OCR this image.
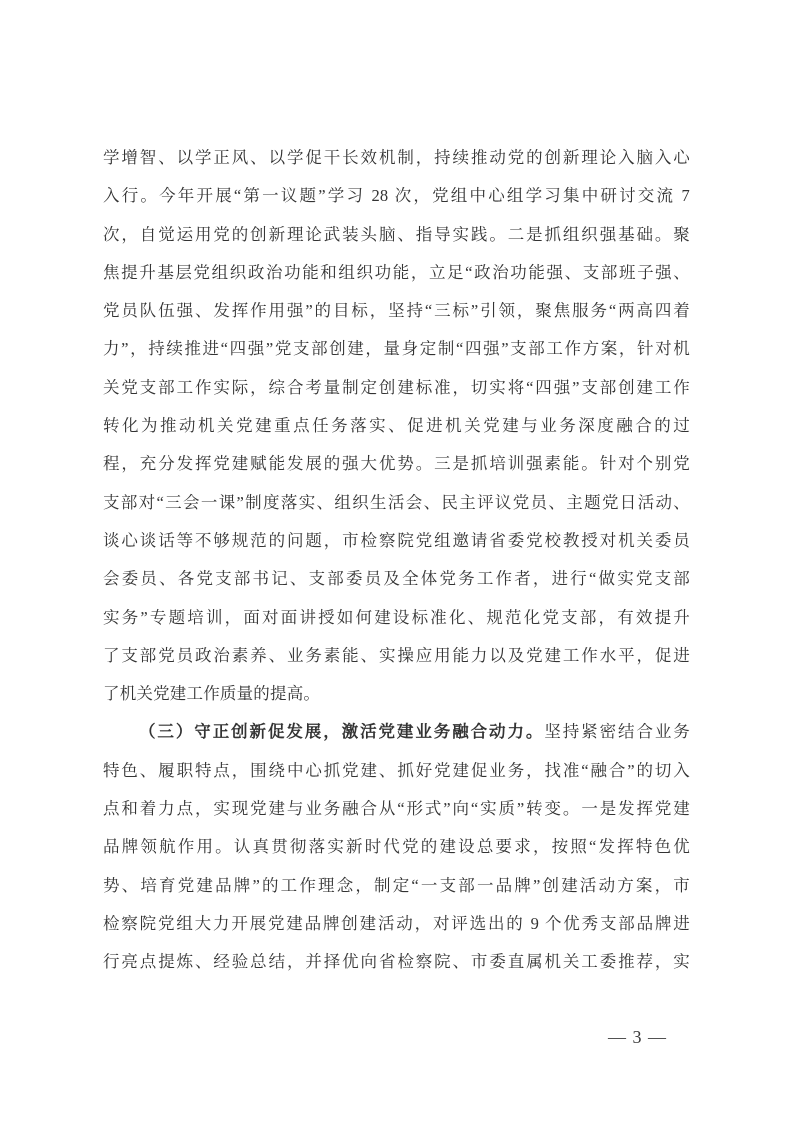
学增智、以学正风、以学促干长效机制，持续推动党的创新理论入脑入心
入行。今年开展“第一议题”学习 28 次，党组中心组学习集中研讨交流 7
次，自觉运用党的创新理论武装头脑、指导实践。二是抓组织强基础。聚
焦提升基层党组织政治功能和组织功能，立足“政治功能强、支部班子强、
党员队伍强、发挥作用强”的目标，坚持“三标”引领，聚焦服务“两高四着
力”，持续推进“四强”党支部创建，量身定制“四强”支部工作方案，针对机
关党支部工作实际，综合考量制定创建标准，切实将“四强”支部创建工作
转化为推动机关党建重点任务落实、促进机关党建与业务深度融合的过
程，充分发挥党建赋能发展的强大优势。三是抓培训强素能。针对个别党
支部对“三会一课”制度落实、组织生活会、民主评议党员、主题党日活动、
谈心谈话等不够规范的问题，市检察院党组邀请省委党校教授对机关委员
会委员、各党支部书记、支部委员及全体党务工作者，进行“做实党支部
实务”专题培训，面对面讲授如何建设标准化、规范化党支部，有效提升
了支部党员政治素养、业务素能、实操应用能力以及党建工作水平，促进
了机关党建工作质量的提高。
（三）守正创新促发展，激活党建业务融合动力。坚持紧密结合业务
特色、履职特点，围绕中心抓党建、抓好党建促业务，找准“融合”的切入
点和着力点，实现党建与业务融合从“形式”向“实质”转变。一是发挥党建
品牌领航作用。认真贯彻落实新时代党的建设总要求，按照“发挥特色优
势、培育党建品牌”的工作理念，制定“一支部一品牌”创建活动方案，市
检察院党组大力开展党建品牌创建活动，对评选出的 9 个优秀支部品牌进
行亮点提炼、经验总结，并择优向省检察院、市委直属机关工委推荐，实
— 3 —
